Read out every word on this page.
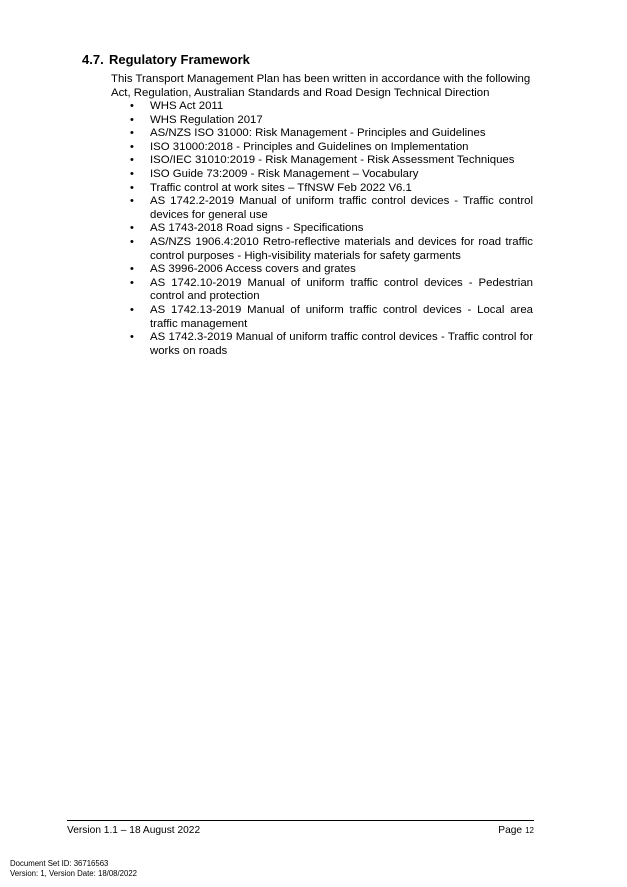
4.7. Regulatory Framework
This Transport Management Plan has been written in accordance with the following Act, Regulation, Australian Standards and Road Design Technical Direction
• WHS Act 2011
• WHS Regulation 2017
• AS/NZS ISO 31000: Risk Management - Principles and Guidelines
• ISO 31000:2018 - Principles and Guidelines on Implementation
• ISO/IEC 31010:2019 - Risk Management - Risk Assessment Techniques
• ISO Guide 73:2009 - Risk Management – Vocabulary
• Traffic control at work sites – TfNSW Feb 2022 V6.1
• AS 1742.2-2019 Manual of uniform traffic control devices - Traffic control devices for general use
• AS 1743-2018 Road signs - Specifications
• AS/NZS 1906.4:2010 Retro-reflective materials and devices for road traffic control purposes - High-visibility materials for safety garments
• AS 3996-2006 Access covers and grates
• AS 1742.10-2019 Manual of uniform traffic control devices - Pedestrian control and protection
• AS 1742.13-2019 Manual of uniform traffic control devices - Local area traffic management
• AS 1742.3-2019 Manual of uniform traffic control devices - Traffic control for works on roads
Version 1.1 – 18 August 2022	Page 12
Document Set ID: 36716563
Version: 1, Version Date: 18/08/2022
